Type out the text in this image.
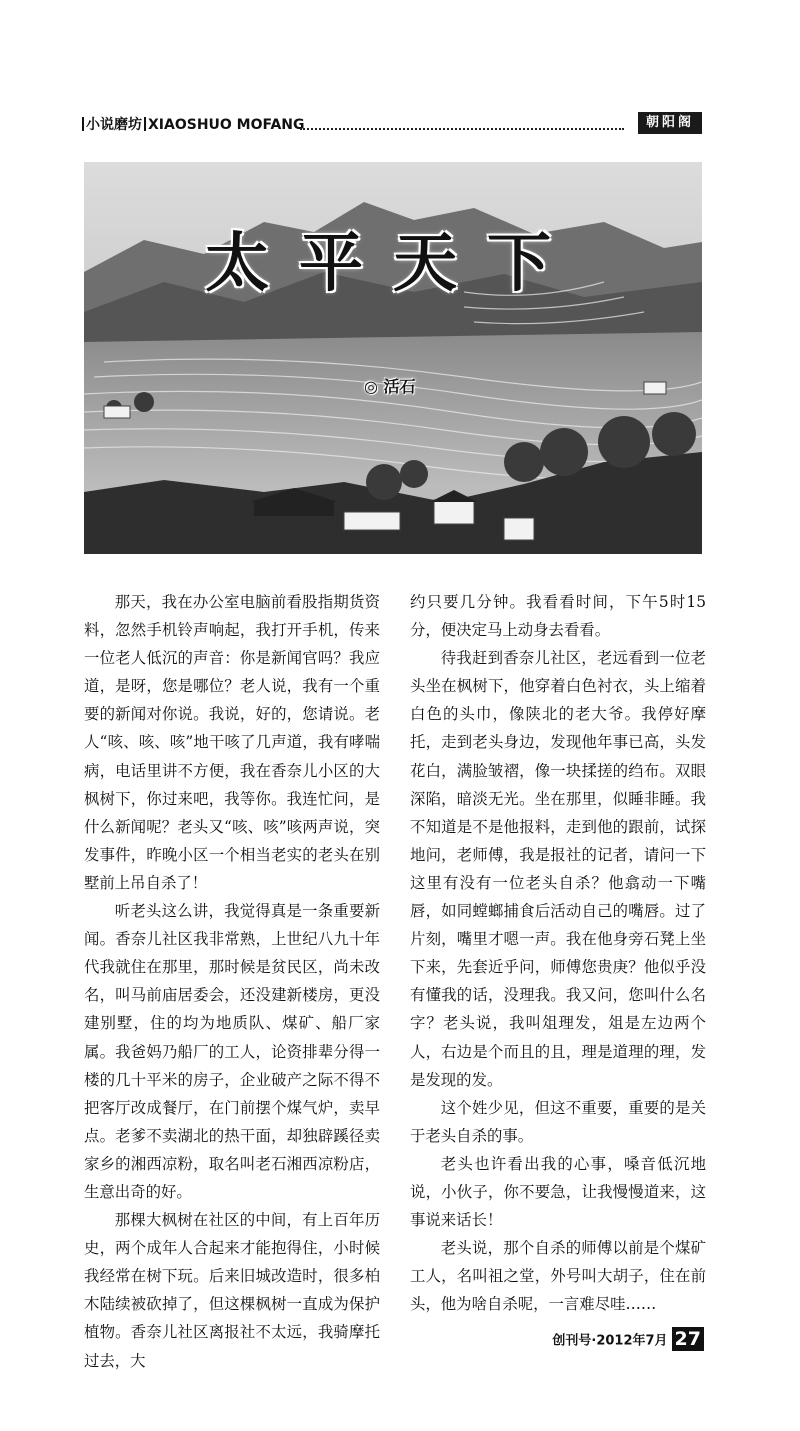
小说磨坊 XIAOSHUO MOFANG	朝阳阁
太平天下
◎ 活石

那天，我在办公室电脑前看股指期货资料，忽然手机铃声响起，我打开手机，传来一位老人低沉的声音：你是新闻官吗？我应道，是呀，您是哪位？老人说，我有一个重要的新闻对你说。我说，好的，您请说。老人“咳、咳、咳”地干咳了几声道，我有哮喘病，电话里讲不方便，我在香奈儿小区的大枫树下，你过来吧，我等你。我连忙问，是什么新闻呢？老头又“咳、咳”咳两声说，突发事件，昨晚小区一个相当老实的老头在别墅前上吊自杀了！

听老头这么讲，我觉得真是一条重要新闻。香奈儿社区我非常熟，上世纪八九十年代我就住在那里，那时候是贫民区，尚未改名，叫马前庙居委会，还没建新楼房，更没建别墅，住的均为地质队、煤矿、船厂家属。我爸妈乃船厂的工人，论资排辈分得一楼的几十平米的房子，企业破产之际不得不把客厅改成餐厅，在门前摆个煤气炉，卖早点。老爹不卖湖北的热干面，却独辟蹊径卖家乡的湘西凉粉，取名叫老石湘西凉粉店，生意出奇的好。

那棵大枫树在社区的中间，有上百年历史，两个成年人合起来才能抱得住，小时候我经常在树下玩。后来旧城改造时，很多柏木陆续被砍掉了，但这棵枫树一直成为保护植物。香奈儿社区离报社不太远，我骑摩托过去，大

约只要几分钟。我看看时间，下午5时15分，便决定马上动身去看看。

待我赶到香奈儿社区，老远看到一位老头坐在枫树下，他穿着白色衬衣，头上缩着白色的头巾，像陕北的老大爷。我停好摩托，走到老头身边，发现他年事已高，头发花白，满脸皱褶，像一块揉搓的绉布。双眼深陷，暗淡无光。坐在那里，似睡非睡。我不知道是不是他报料，走到他的跟前，试探地问，老师傅，我是报社的记者，请问一下这里有没有一位老头自杀？他翕动一下嘴唇，如同螳螂捕食后活动自己的嘴唇。过了片刻，嘴里才嗯一声。我在他身旁石凳上坐下来，先套近乎问，师傅您贵庚？他似乎没有懂我的话，没理我。我又问，您叫什么名字？老头说，我叫俎理发，俎是左边两个人，右边是个而且的且，理是道理的理，发是发现的发。

这个姓少见，但这不重要，重要的是关于老头自杀的事。

老头也许看出我的心事，嗓音低沉地说，小伙子，你不要急，让我慢慢道来，这事说来话长！

老头说，那个自杀的师傅以前是个煤矿工人，名叫祖之堂，外号叫大胡子，住在前头，他为啥自杀呢，一言难尽哇……

创刊号·2012年7月 27
